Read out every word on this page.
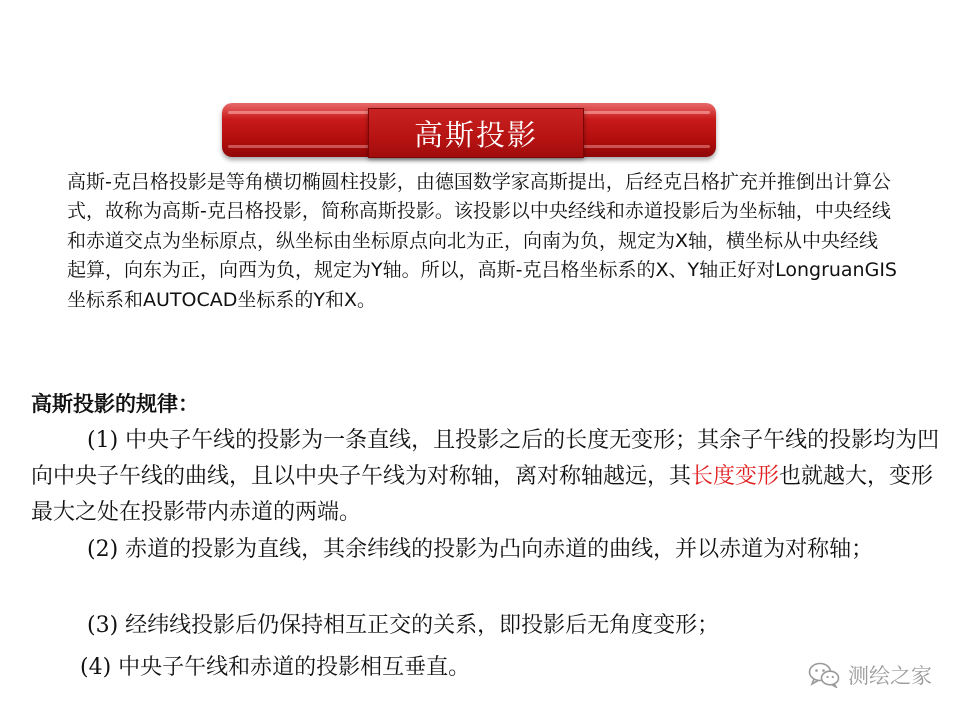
高斯投影
高斯-克吕格投影是等角横切椭圆柱投影，由德国数学家高斯提出，后经克吕格扩充并推倒出计算公式，故称为高斯-克吕格投影，简称高斯投影。该投影以中央经线和赤道投影后为坐标轴，中央经线和赤道交点为坐标原点，纵坐标由坐标原点向北为正，向南为负，规定为X轴，横坐标从中央经线起算，向东为正，向西为负，规定为Y轴。所以，高斯-克吕格坐标系的X、Y轴正好对LongruanGIS坐标系和AUTOCAD坐标系的Y和X。
高斯投影的规律：
(1) 中央子午线的投影为一条直线，且投影之后的长度无变形；其余子午线的投影均为凹向中央子午线的曲线，且以中央子午线为对称轴，离对称轴越远，其长度变形也就越大，变形最大之处在投影带内赤道的两端。
(2) 赤道的投影为直线，其余纬线的投影为凸向赤道的曲线，并以赤道为对称轴；
(3) 经纬线投影后仍保持相互正交的关系，即投影后无角度变形；
(4) 中央子午线和赤道的投影相互垂直。	测绘之家
